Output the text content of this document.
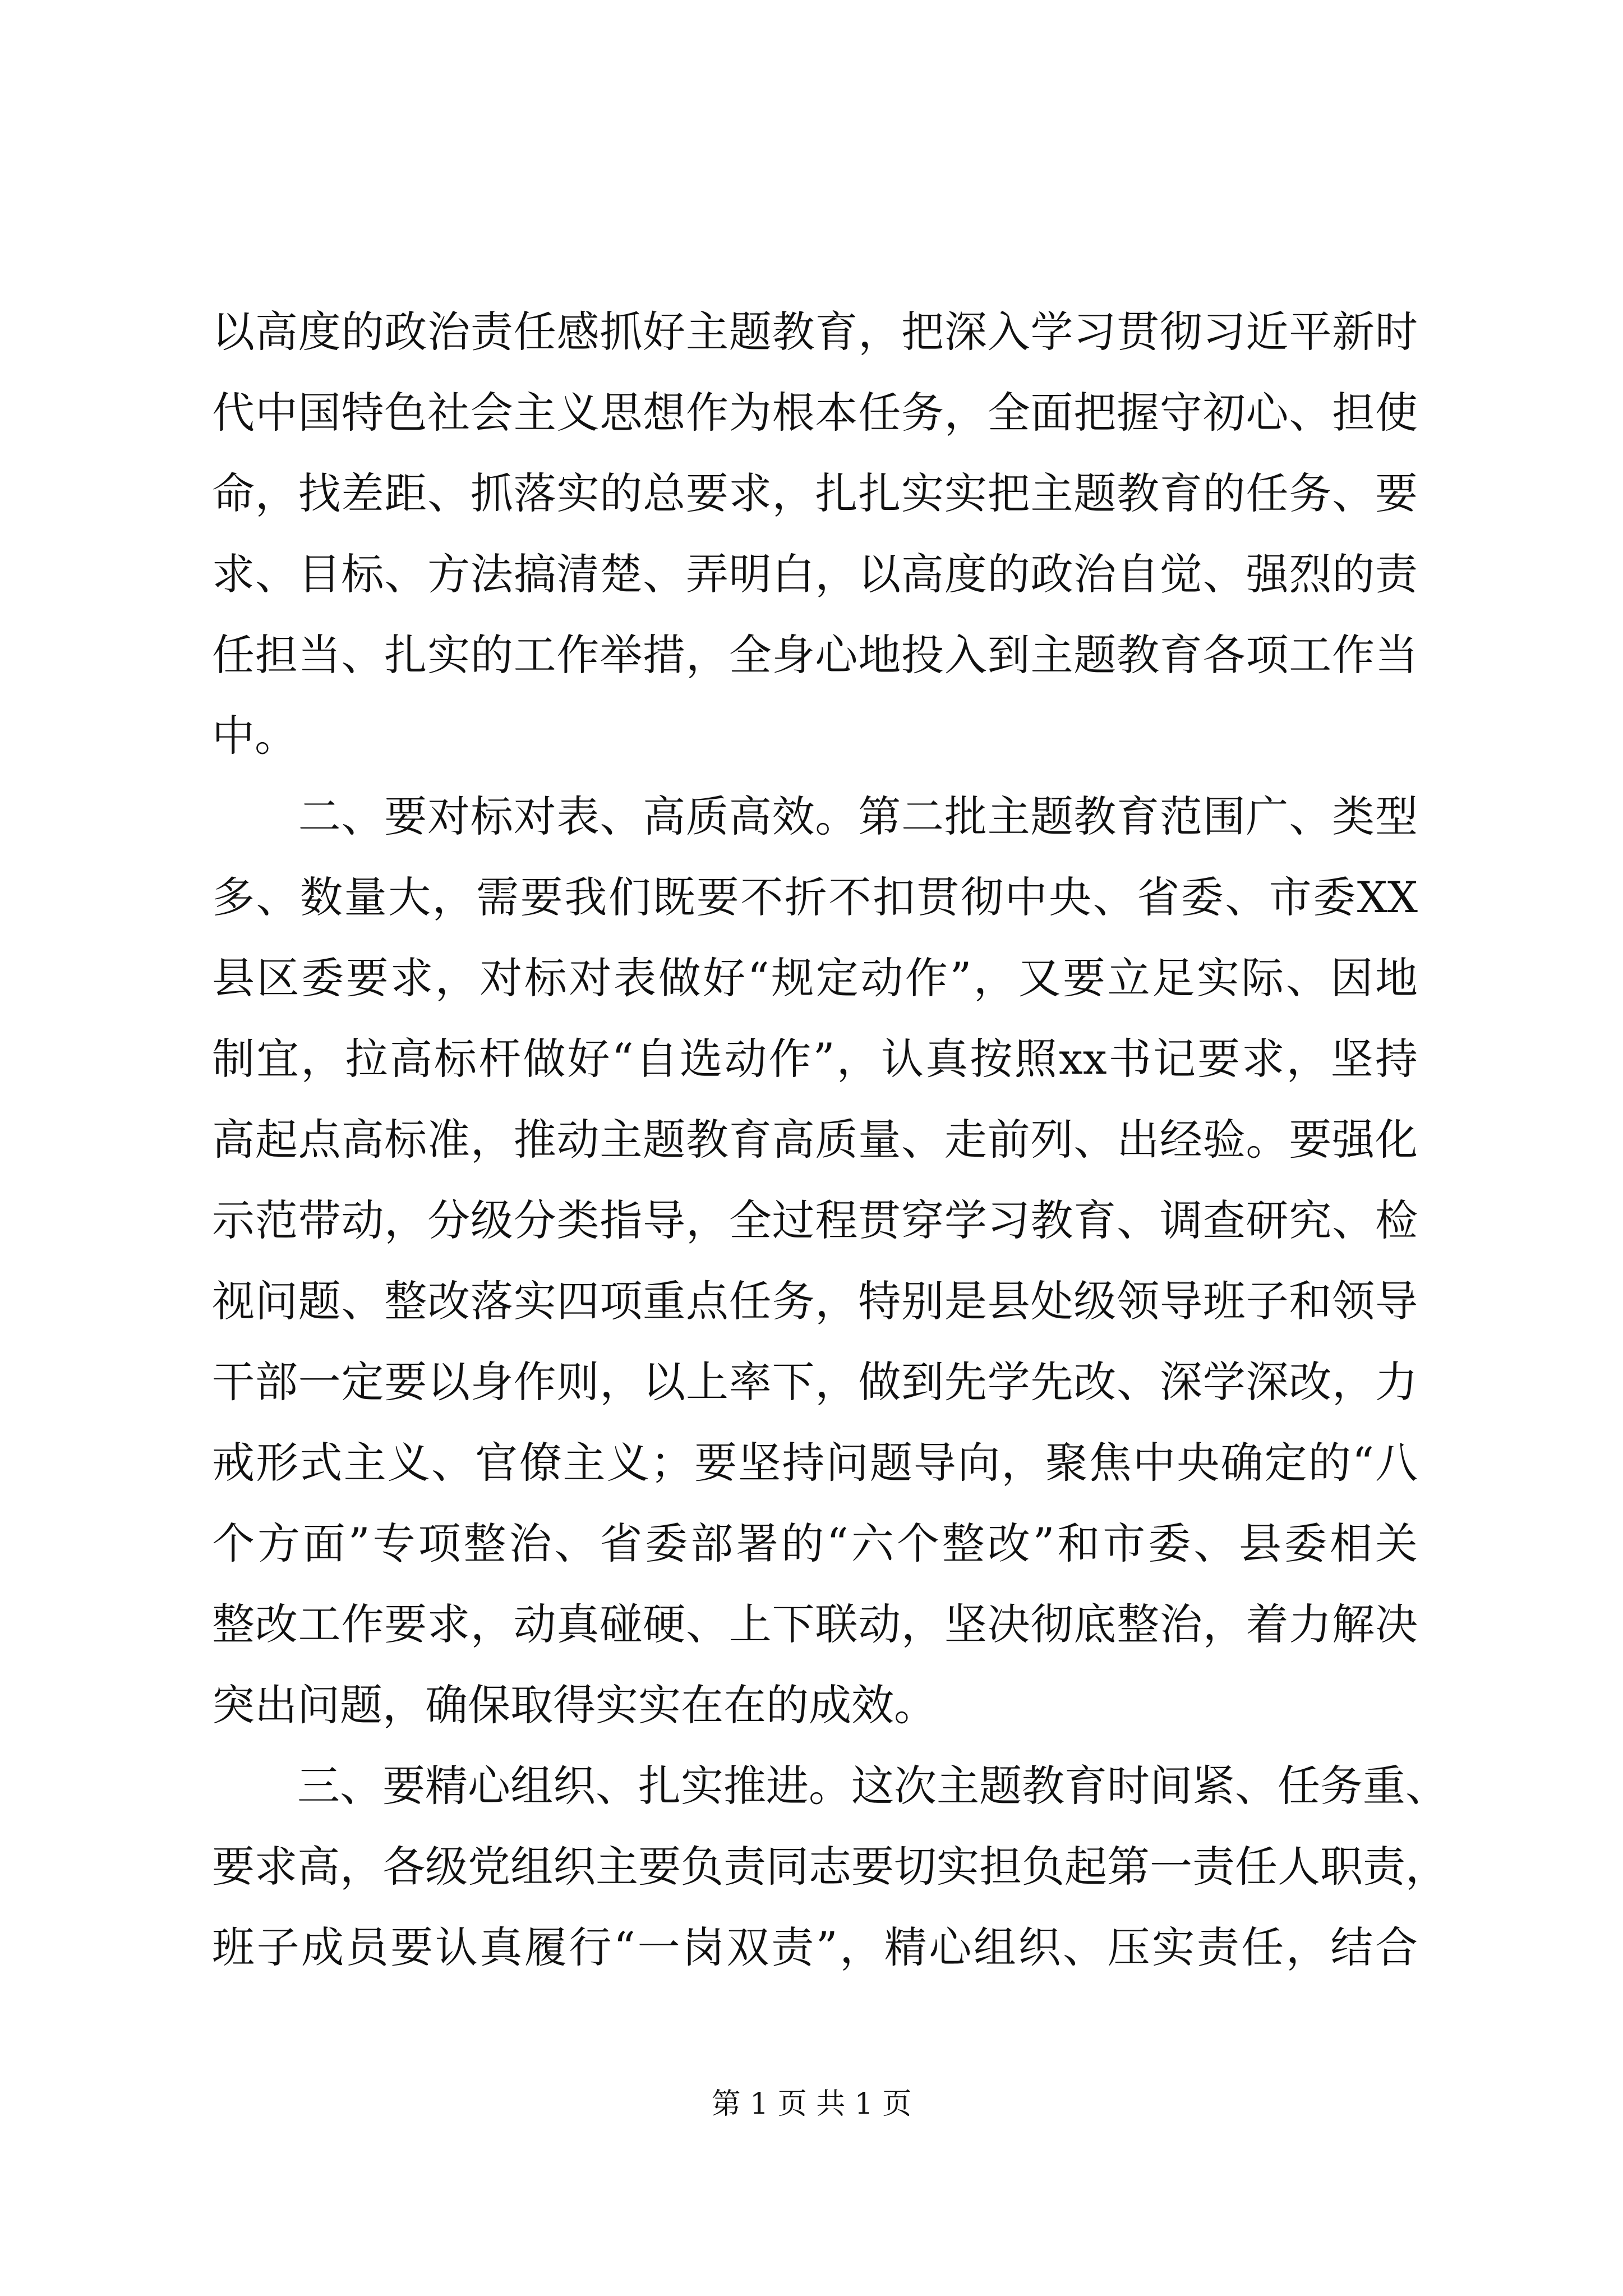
以高度的政治责任感抓好主题教育，把深入学习贯彻习近平新时
代中国特色社会主义思想作为根本任务，全面把握守初心、担使
命，找差距、抓落实的总要求，扎扎实实把主题教育的任务、要
求、目标、方法搞清楚、弄明白，以高度的政治自觉、强烈的责
任担当、扎实的工作举措，全身心地投入到主题教育各项工作当
中。
　　二、要对标对表、高质高效。第二批主题教育范围广、类型
多、数量大，需要我们既要不折不扣贯彻中央、省委、市委XX
县区委要求，对标对表做好“规定动作”，又要立足实际、因地
制宜，拉高标杆做好“自选动作”，认真按照xx书记要求，坚持
高起点高标准，推动主题教育高质量、走前列、出经验。要强化
示范带动，分级分类指导，全过程贯穿学习教育、调查研究、检
视问题、整改落实四项重点任务，特别是县处级领导班子和领导
干部一定要以身作则，以上率下，做到先学先改、深学深改，力
戒形式主义、官僚主义；要坚持问题导向，聚焦中央确定的“八
个方面”专项整治、省委部署的“六个整改”和市委、县委相关
整改工作要求，动真碰硬、上下联动，坚决彻底整治，着力解决
突出问题，确保取得实实在在的成效。
　　三、要精心组织、扎实推进。这次主题教育时间紧、任务重、
要求高，各级党组织主要负责同志要切实担负起第一责任人职责，
班子成员要认真履行“一岗双责”，精心组织、压实责任，结合
第 1 页 共 1 页
